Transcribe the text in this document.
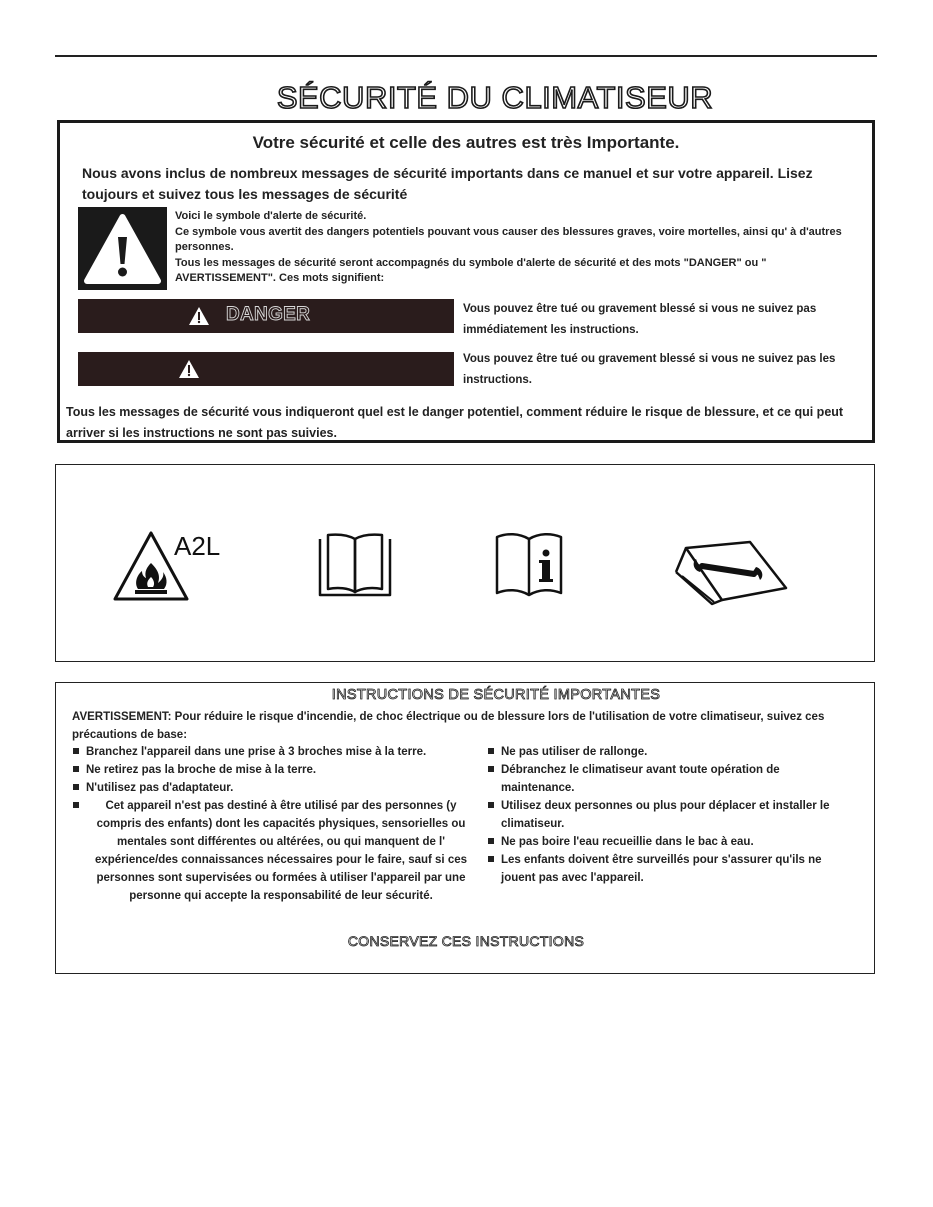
SÉCURITÉ DU CLIMATISEUR
Votre sécurité et celle des autres est très Importante.
Nous avons inclus de nombreux messages de sécurité importants dans ce manuel et sur votre appareil. Lisez toujours et suivez tous les messages de sécurité
Voici le symbole d'alerte de sécurité.
Ce symbole vous avertit des dangers potentiels pouvant vous causer des blessures graves, voire mortelles, ainsi qu' à d'autres personnes.
Tous les messages de sécurité seront accompagnés du symbole d'alerte de sécurité et des mots "DANGER" ou " AVERTISSEMENT". Ces mots signifient:
DANGER	Vous pouvez être tué ou gravement blessé si vous ne suivez pas immédiatement les instructions.
Vous pouvez être tué ou gravement blessé si vous ne suivez pas les instructions.
Tous les messages de sécurité vous indiqueront quel est le danger potentiel, comment réduire le risque de blessure, et ce qui peut arriver si les instructions ne sont pas suivies.
A2L
INSTRUCTIONS DE SÉCURITÉ IMPORTANTES
AVERTISSEMENT: Pour réduire le risque d'incendie, de choc électrique ou de blessure lors de l'utilisation de votre climatiseur, suivez ces précautions de base:
Branchez l'appareil dans une prise à 3 broches mise à la terre.
Ne retirez pas la broche de mise à la terre.
N'utilisez pas d'adaptateur.
Cet appareil n'est pas destiné à être utilisé par des personnes (y compris des enfants) dont les capacités physiques, sensorielles ou mentales sont différentes ou altérées, ou qui manquent de l' expérience/des connaissances nécessaires pour le faire, sauf si ces personnes sont supervisées ou formées à utiliser l'appareil par une personne qui accepte la responsabilité de leur sécurité.
Ne pas utiliser de rallonge.
Débranchez le climatiseur avant toute opération de maintenance.
Utilisez deux personnes ou plus pour déplacer et installer le climatiseur.
Ne pas boire l'eau recueillie dans le bac à eau.
Les enfants doivent être surveillés pour s'assurer qu'ils ne jouent pas avec l'appareil.
CONSERVEZ CES INSTRUCTIONS
